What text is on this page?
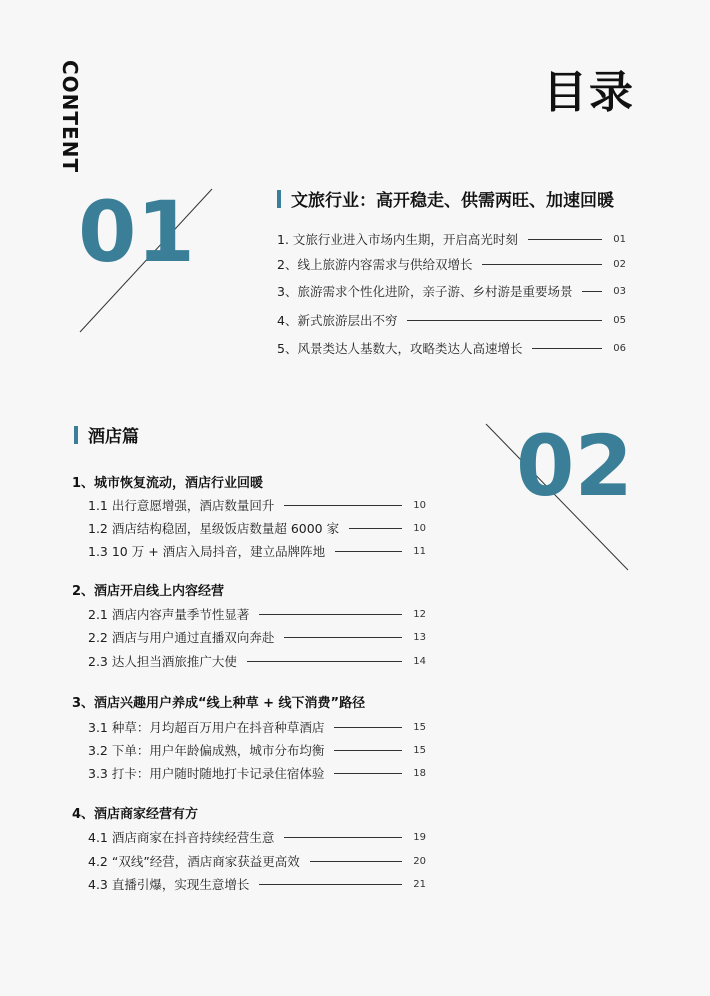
CONTENT	目录
01	文旅行业：高开稳走、供需两旺、加速回暖
1. 文旅行业进入市场内生期，开启高光时刻	01
2、线上旅游内容需求与供给双增长	02
3、旅游需求个性化进阶，亲子游、乡村游是重要场景	03
4、新式旅游层出不穷	05
5、风景类达人基数大，攻略类达人高速增长	06
酒店篇	02
1、城市恢复流动，酒店行业回暖
1.1 出行意愿增强，酒店数量回升	10
1.2 酒店结构稳固，星级饭店数量超 6000 家	10
1.3 10 万 + 酒店入局抖音，建立品牌阵地	11
2、酒店开启线上内容经营
2.1 酒店内容声量季节性显著	12
2.2 酒店与用户通过直播双向奔赴	13
2.3 达人担当酒旅推广大使	14
3、酒店兴趣用户养成“线上种草 + 线下消费”路径
3.1 种草：月均超百万用户在抖音种草酒店	15
3.2 下单：用户年龄偏成熟，城市分布均衡	15
3.3 打卡：用户随时随地打卡记录住宿体验	18
4、酒店商家经营有方
4.1 酒店商家在抖音持续经营生意	19
4.2 “双线”经营，酒店商家获益更高效	20
4.3 直播引爆，实现生意增长	21
